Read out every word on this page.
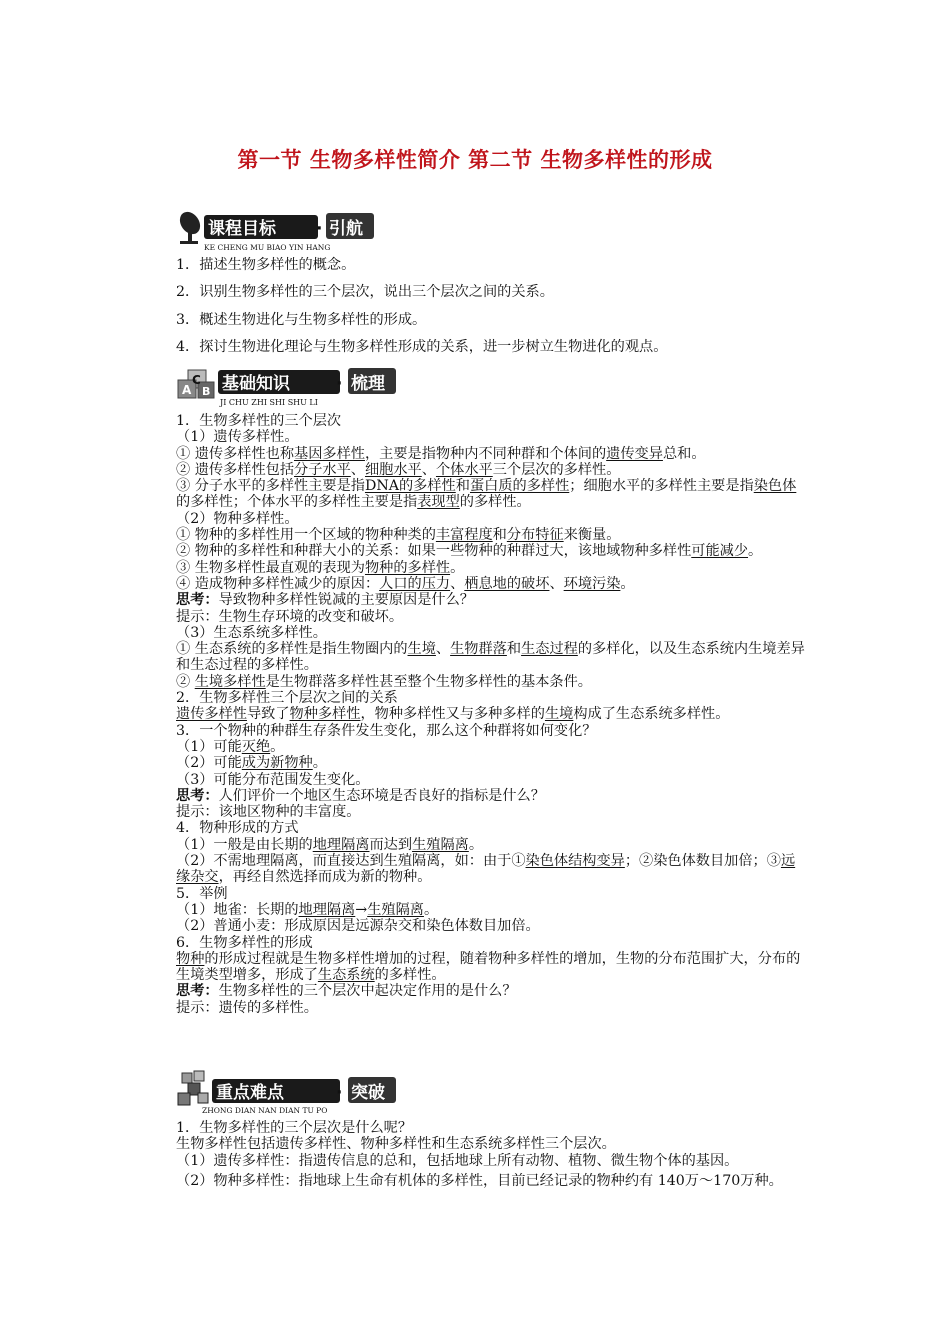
第一节 生物多样性简介 第二节 生物多样性的形成
课程目标 · 引航
KE CHENG MU BIAO YIN HANG

1．描述生物多样性的概念。

2．识别生物多样性的三个层次，说出三个层次之间的关系。

3．概述生物进化与生物多样性的形成。

4．探讨生物进化理论与生物多样性形成的关系，进一步树立生物进化的观点。

C
A B 基础知识	· 梳理
JI CHU ZHI SHI SHU LI

1．生物多样性的三个层次

（1）遗传多样性。

① 遗传多样性也称基因多样性，主要是指物种内不同种群和个体间的遗传变异总和。

② 遗传多样性包括分子水平、细胞水平、个体水平三个层次的多样性。

③ 分子水平的多样性主要是指DNA的多样性和蛋白质的多样性；细胞水平的多样性主要是指染色体的多样性；个体水平的多样性主要是指表现型的多样性。

（2）物种多样性。

① 物种的多样性用一个区域的物种种类的丰富程度和分布特征来衡量。

② 物种的多样性和种群大小的关系：如果一些物种的种群过大，该地域物种多样性可能减少。

③ 生物多样性最直观的表现为物种的多样性。

④ 造成物种多样性减少的原因：人口的压力、栖息地的破坏、环境污染。

思考：导致物种多样性锐减的主要原因是什么？

提示：生物生存环境的改变和破坏。

（3）生态系统多样性。

① 生态系统的多样性是指生物圈内的生境、生物群落和生态过程的多样化，以及生态系统内生境差异和生态过程的多样性。

② 生境多样性是生物群落多样性甚至整个生物多样性的基本条件。

2．生物多样性三个层次之间的关系

遗传多样性导致了物种多样性，物种多样性又与多种多样的生境构成了生态系统多样性。

3．一个物种的种群生存条件发生变化，那么这个种群将如何变化？

（1）可能灭绝。

（2）可能成为新物种。

（3）可能分布范围发生变化。

思考：人们评价一个地区生态环境是否良好的指标是什么？

提示：该地区物种的丰富度。

4．物种形成的方式

（1）一般是由长期的地理隔离而达到生殖隔离。

（2）不需地理隔离，而直接达到生殖隔离，如：由于①染色体结构变异；②染色体数目加倍；③远缘杂交，再经自然选择而成为新的物种。

5．举例

（1）地雀：长期的地理隔离→生殖隔离。

（2）普通小麦：形成原因是远源杂交和染色体数目加倍。

6．生物多样性的形成

物种的形成过程就是生物多样性增加的过程，随着物种多样性的增加，生物的分布范围扩大，分布的生境类型增多，形成了生态系统的多样性。

思考：生物多样性的三个层次中起决定作用的是什么？

提示：遗传的多样性。

重点难点	· 突破
ZHONG DIAN NAN DIAN TU PO

1．生物多样性的三个层次是什么呢？

生物多样性包括遗传多样性、物种多样性和生态系统多样性三个层次。

（1）遗传多样性：指遗传信息的总和，包括地球上所有动物、植物、微生物个体的基因。

（2）物种多样性：指地球上生命有机体的多样性，目前已经记录的物种约有 140万～170万种。
